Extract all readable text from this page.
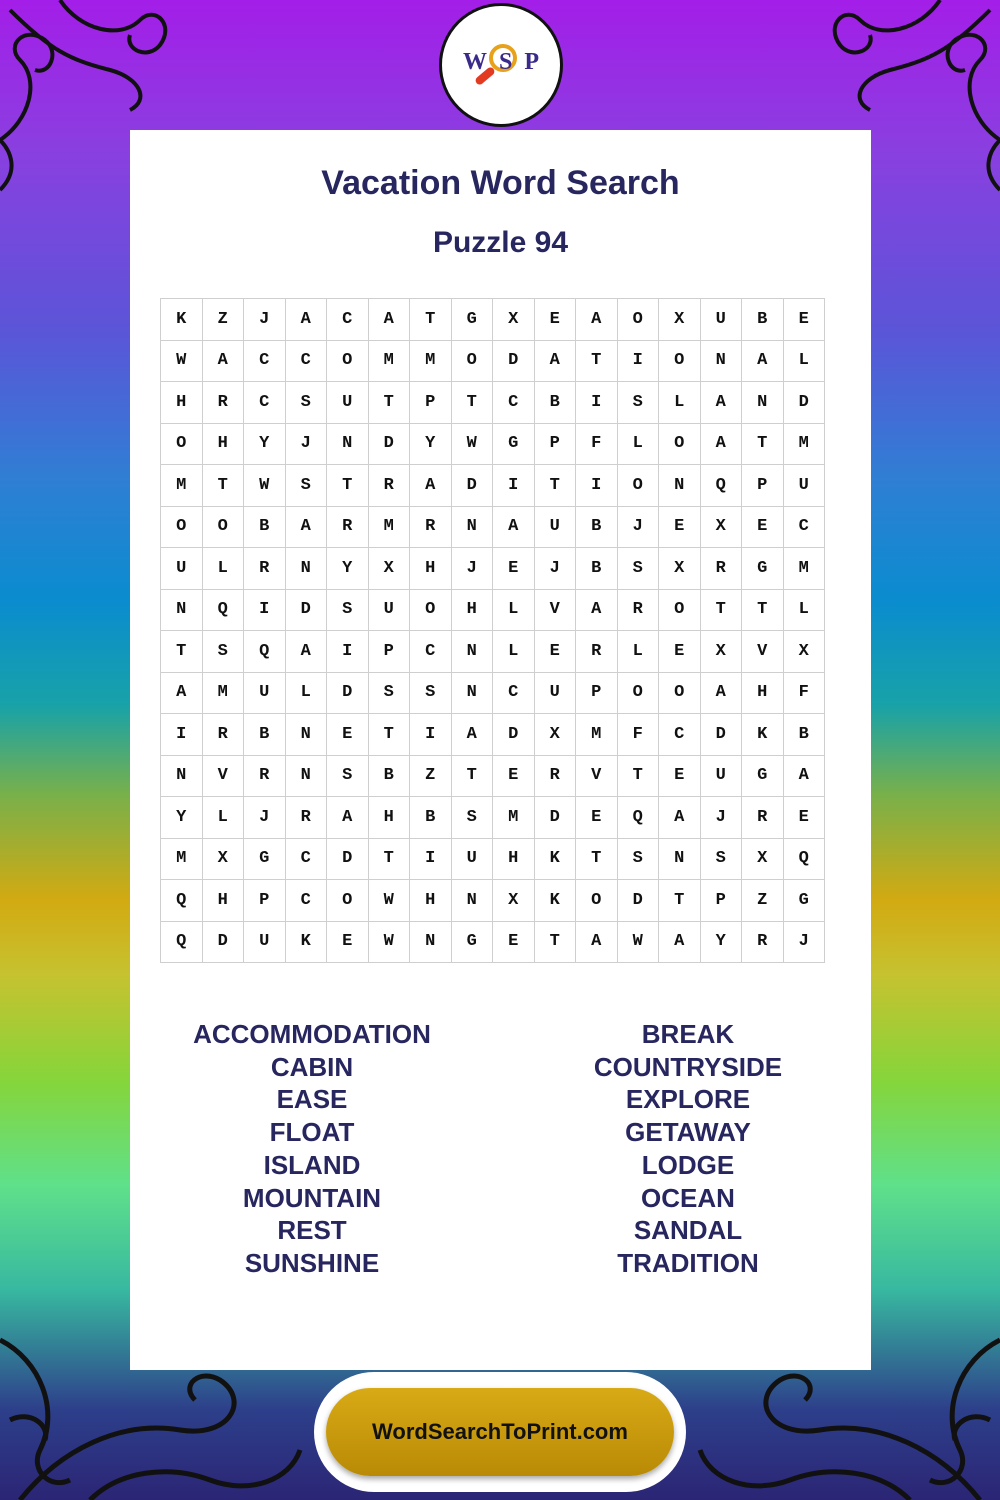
W S P
Vacation Word Search
Puzzle 94
K	Z	J	A	C	A	T	G	X	E	A	O	X	U	B	E
W	A	C	C	O	M	M	O	D	A	T	I	O	N	A	L
H	R	C	S	U	T	P	T	C	B	I	S	L	A	N	D
O	H	Y	J	N	D	Y	W	G	P	F	L	O	A	T	M
M	T	W	S	T	R	A	D	I	T	I	O	N	Q	P	U
O	O	B	A	R	M	R	N	A	U	B	J	E	X	E	C
U	L	R	N	Y	X	H	J	E	J	B	S	X	R	G	M
N	Q	I	D	S	U	O	H	L	V	A	R	O	T	T	L
T	S	Q	A	I	P	C	N	L	E	R	L	E	X	V	X
A	M	U	L	D	S	S	N	C	U	P	O	O	A	H	F
I	R	B	N	E	T	I	A	D	X	M	F	C	D	K	B
N	V	R	N	S	B	Z	T	E	R	V	T	E	U	G	A
Y	L	J	R	A	H	B	S	M	D	E	Q	A	J	R	E
M	X	G	C	D	T	I	U	H	K	T	S	N	S	X	Q
Q	H	P	C	O	W	H	N	X	K	O	D	T	P	Z	G
Q	D	U	K	E	W	N	G	E	T	A	W	A	Y	R	J
ACCOMMODATION
CABIN
EASE
FLOAT
ISLAND
MOUNTAIN
REST
SUNSHINE
BREAK
COUNTRYSIDE
EXPLORE
GETAWAY
LODGE
OCEAN
SANDAL
TRADITION
WordSearchToPrint.com
